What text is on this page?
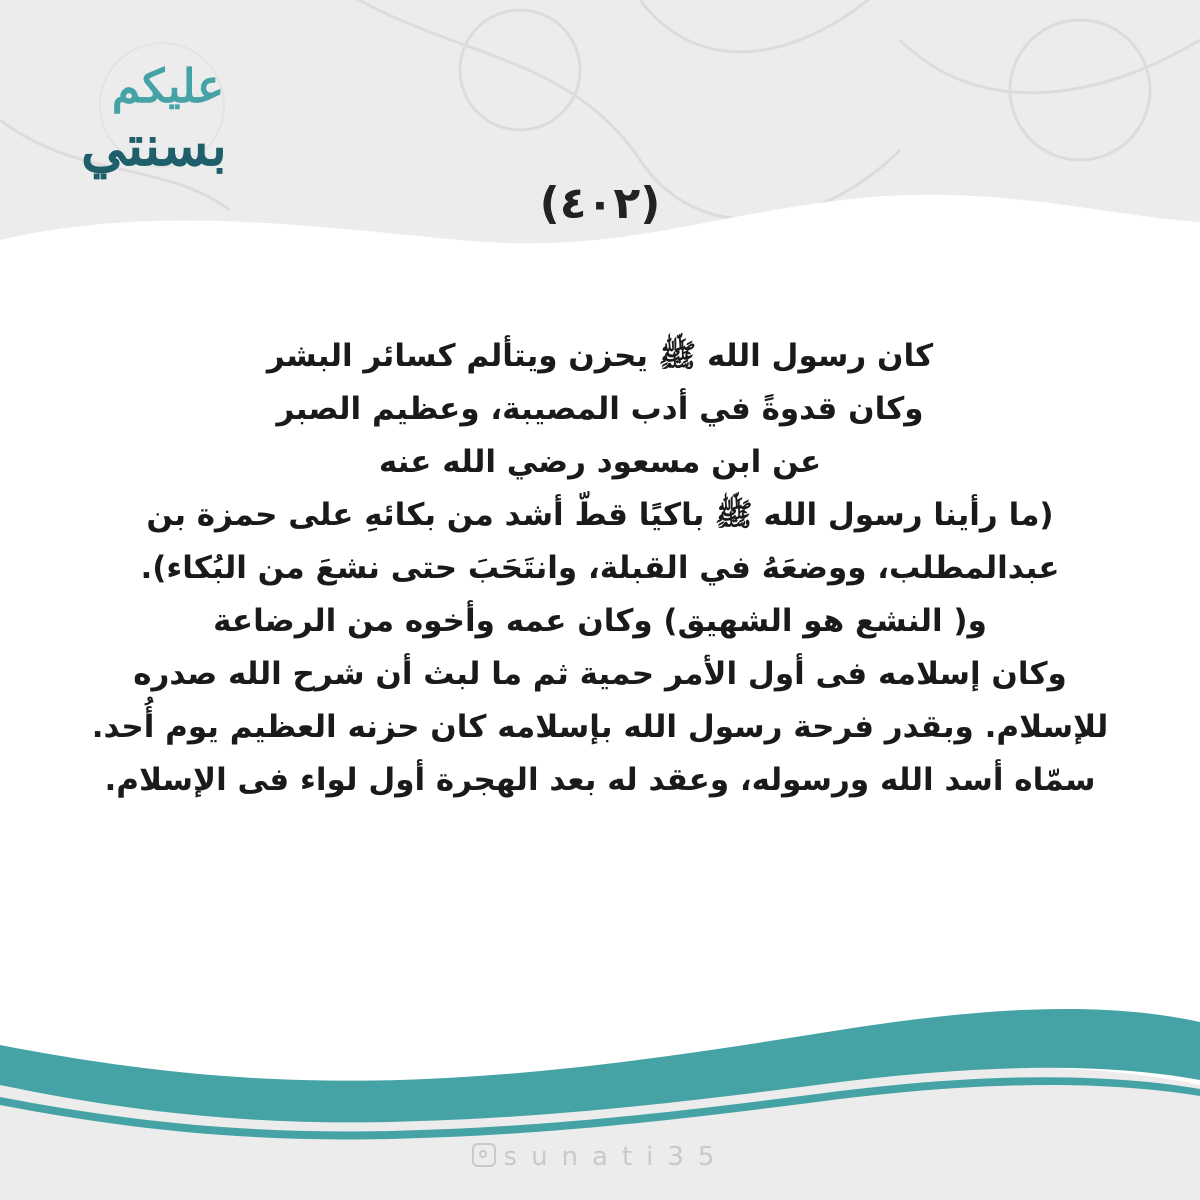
عليكم
بسنتي
(٤٠٢)
كان رسول الله ﷺ يحزن ويتألم كسائر البشر
وكان قدوةً في أدب المصيبة، وعظيم الصبر
عن ابن مسعود رضي الله عنه
(ما رأينا رسول الله ﷺ باكيًا قطّ أشد من بكائهِ على حمزة بن
عبدالمطلب، ووضعَهُ في القبلة، وانتَحَبَ حتى نشعَ من البُكاء).
و( النشع هو الشهيق) وكان عمه وأخوه من الرضاعة
وكان إسلامه فى أول الأمر حمية ثم ما لبث أن شرح الله صدره
للإسلام. وبقدر فرحة رسول الله بإسلامه كان حزنه العظيم يوم أُحد.
سمّاه أسد الله ورسوله، وعقد له بعد الهجرة أول لواء فى الإسلام.
sunati35
